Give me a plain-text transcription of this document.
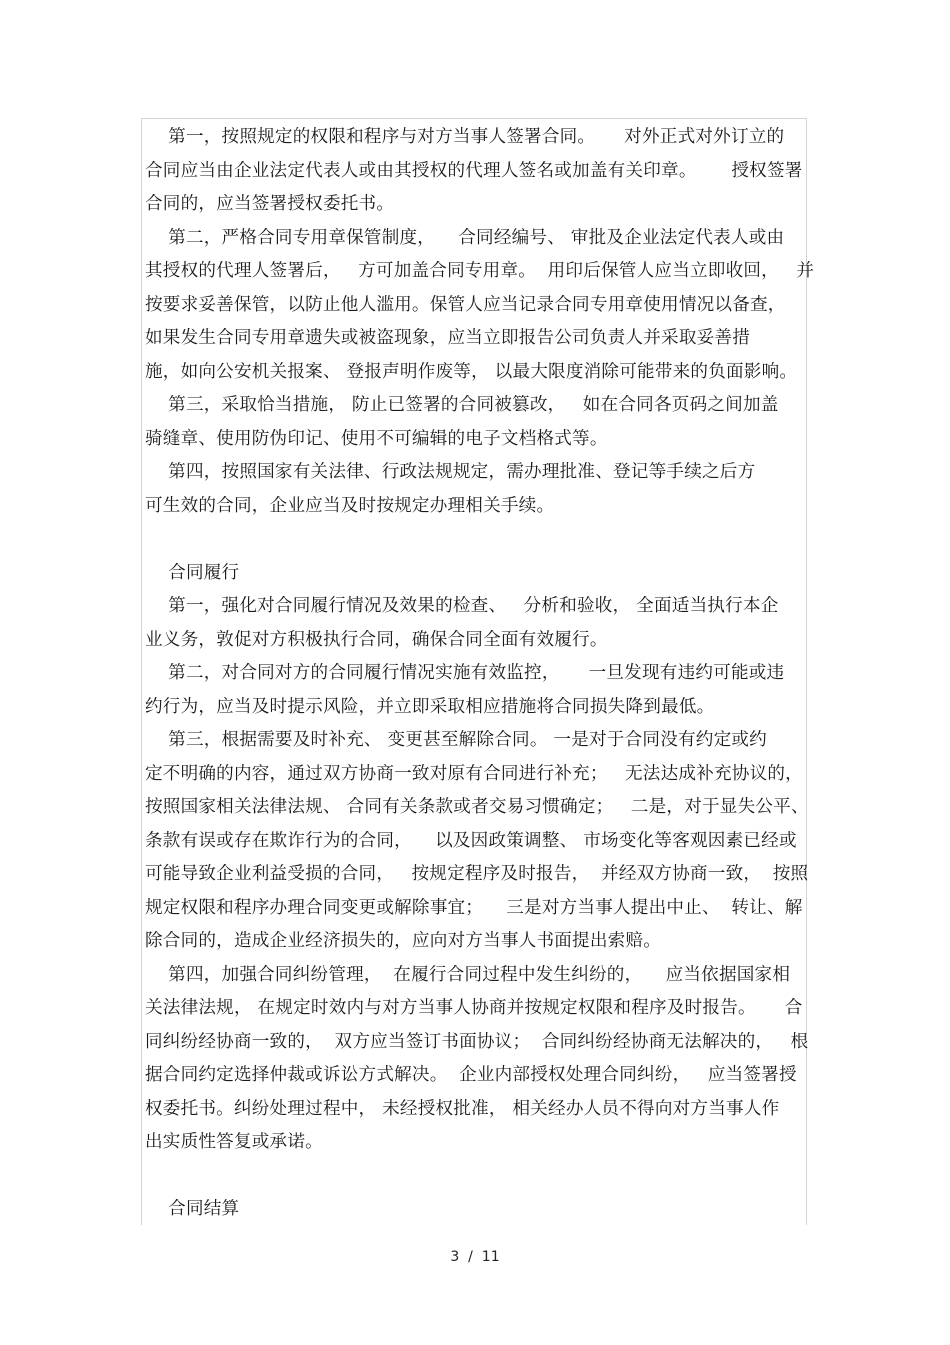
第一，按照规定的权限和程序与对方当事人签署合同。     对外正式对外订立的
合同应当由企业法定代表人或由其授权的代理人签名或加盖有关印章。      授权签署
合同的，应当签署授权委托书。
第二，严格合同专用章保管制度，    合同经编号、 审批及企业法定代表人或由
其授权的代理人签署后，   方可加盖合同专用章。  用印后保管人应当立即收回，   并
按要求妥善保管，以防止他人滥用。保管人应当记录合同专用章使用情况以备查，
如果发生合同专用章遗失或被盗现象，应当立即报告公司负责人并采取妥善措
施，如向公安机关报案、 登报声明作废等， 以最大限度消除可能带来的负面影响。
第三，采取恰当措施， 防止已签署的合同被篡改，   如在合同各页码之间加盖
骑缝章、使用防伪印记、使用不可编辑的电子文档格式等。
第四，按照国家有关法律、行政法规规定，需办理批准、登记等手续之后方
可生效的合同，企业应当及时按规定办理相关手续。
合同履行
第一，强化对合同履行情况及效果的检查、   分析和验收， 全面适当执行本企
业义务，敦促对方积极执行合同，确保合同全面有效履行。
第二，对合同对方的合同履行情况实施有效监控，     一旦发现有违约可能或违
约行为，应当及时提示风险，并立即采取相应措施将合同损失降到最低。
第三，根据需要及时补充、 变更甚至解除合同。 一是对于合同没有约定或约
定不明确的内容，通过双方协商一致对原有合同进行补充；   无法达成补充协议的，
按照国家相关法律法规、 合同有关条款或者交易习惯确定；   二是，对于显失公平、
条款有误或存在欺诈行为的合同，    以及因政策调整、 市场变化等客观因素已经或
可能导致企业利益受损的合同，   按规定程序及时报告，  并经双方协商一致，  按照
规定权限和程序办理合同变更或解除事宜；    三是对方当事人提出中止、  转让、解
除合同的，造成企业经济损失的，应向对方当事人书面提出索赔。
第四，加强合同纠纷管理，  在履行合同过程中发生纠纷的，    应当依据国家相
关法律法规， 在规定时效内与对方当事人协商并按规定权限和程序及时报告。     合
同纠纷经协商一致的，  双方应当签订书面协议；  合同纠纷经协商无法解决的，   根
据合同约定选择仲裁或诉讼方式解决。  企业内部授权处理合同纠纷，   应当签署授
权委托书。纠纷处理过程中， 未经授权批准， 相关经办人员不得向对方当事人作
出实质性答复或承诺。
合同结算
3  /  11
